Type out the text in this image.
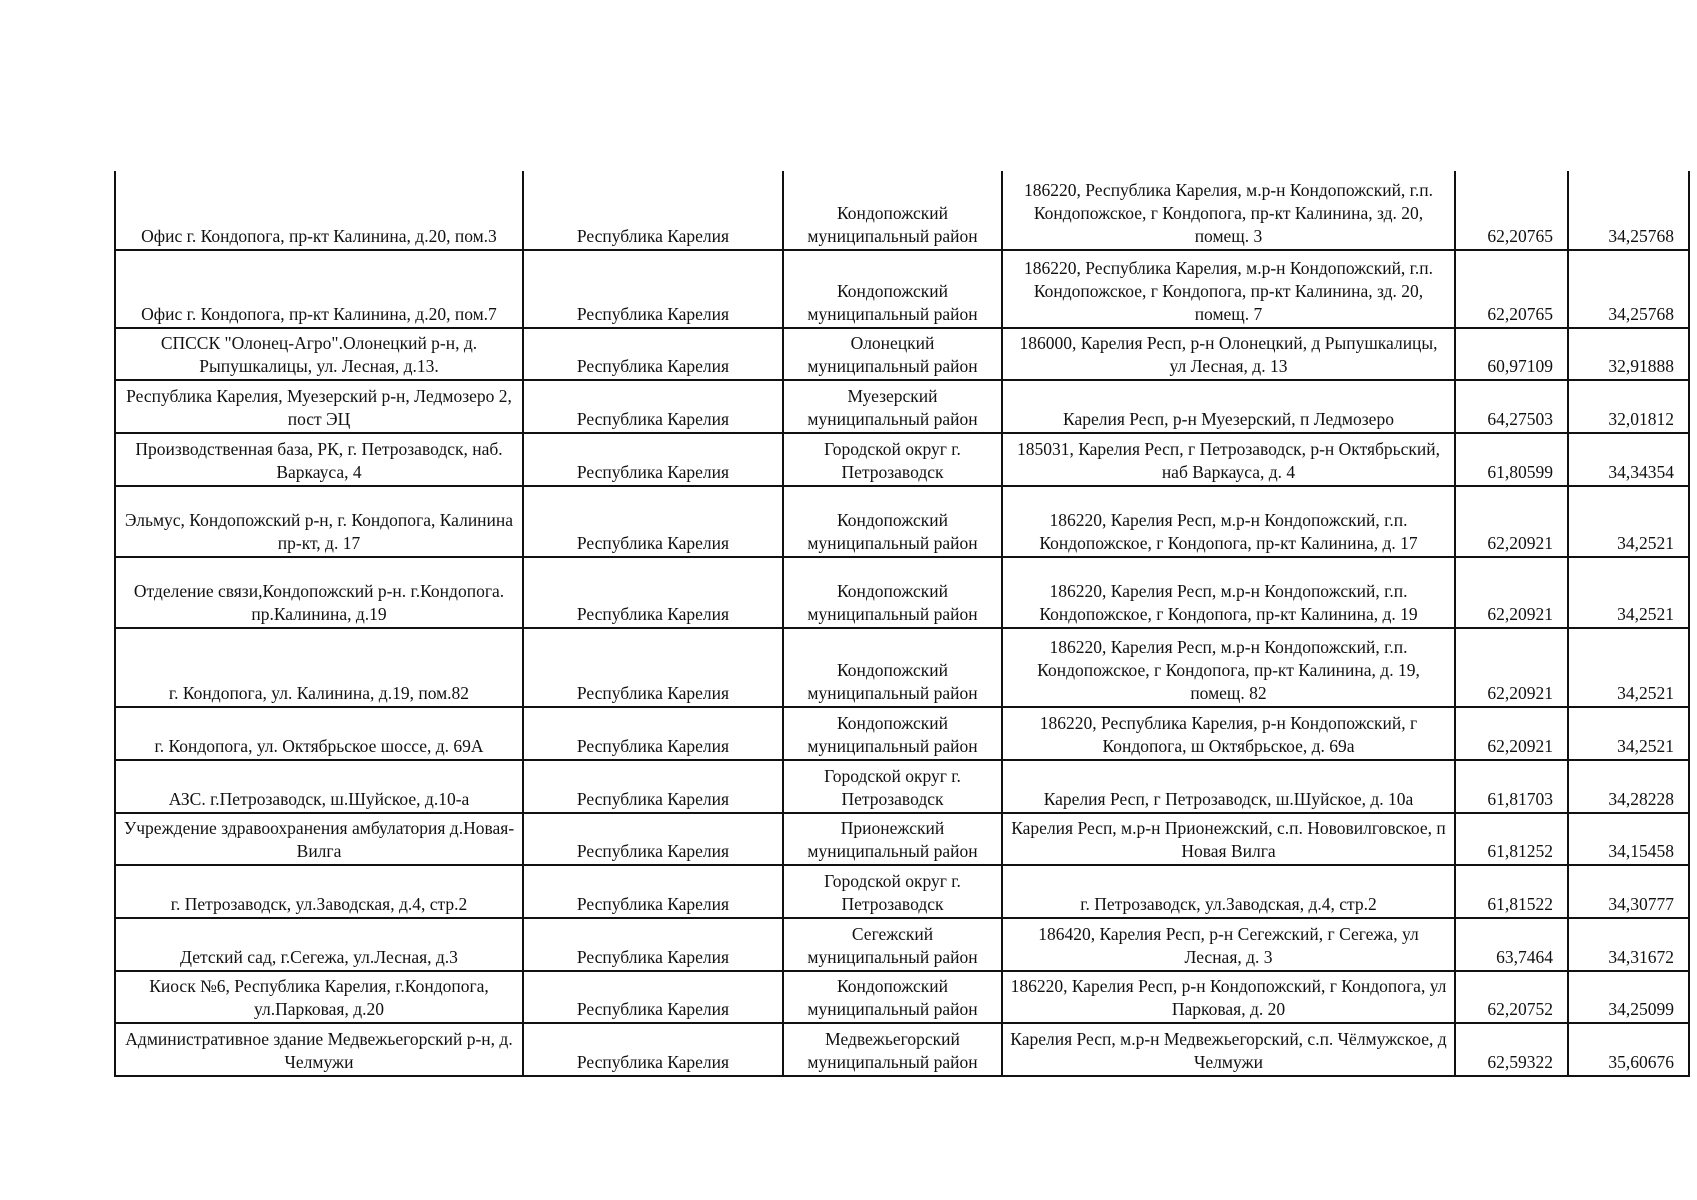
Офис г. Кондопога, пр-кт Калинина, д.20, пом.3	Республика Карелия	Кондопожский муниципальный район	186220, Республика Карелия, м.р-н Кондопожский, г.п. Кондопожское, г Кондопога, пр-кт Калинина, зд. 20, помещ. 3	62,20765	34,25768
Офис г. Кондопога, пр-кт Калинина, д.20, пом.7	Республика Карелия	Кондопожский муниципальный район	186220, Республика Карелия, м.р-н Кондопожский, г.п. Кондопожское, г Кондопога, пр-кт Калинина, зд. 20, помещ. 7	62,20765	34,25768
СПССК "Олонец-Агро".Олонецкий р-н, д. Рыпушкалицы, ул. Лесная, д.13.	Республика Карелия	Олонецкий муниципальный район	186000, Карелия Респ, р-н Олонецкий, д Рыпушкалицы, ул Лесная, д. 13	60,97109	32,91888
Республика Карелия, Муезерский р-н, Ледмозеро 2, пост ЭЦ	Республика Карелия	Муезерский муниципальный район	Карелия Респ, р-н Муезерский, п Ледмозеро	64,27503	32,01812
Производственная база, РК, г. Петрозаводск, наб. Варкауса, 4	Республика Карелия	Городской округ г. Петрозаводск	185031, Карелия Респ, г Петрозаводск, р-н Октябрьский, наб Варкауса, д. 4	61,80599	34,34354
Эльмус, Кондопожский р-н, г. Кондопога, Калинина пр-кт, д. 17	Республика Карелия	Кондопожский муниципальный район	186220, Карелия Респ, м.р-н Кондопожский, г.п. Кондопожское, г Кондопога, пр-кт Калинина, д. 17	62,20921	34,2521
Отделение связи,Кондопожский р-н. г.Кондопога. пр.Калинина, д.19	Республика Карелия	Кондопожский муниципальный район	186220, Карелия Респ, м.р-н Кондопожский, г.п. Кондопожское, г Кондопога, пр-кт Калинина, д. 19	62,20921	34,2521
г. Кондопога, ул. Калинина, д.19, пом.82	Республика Карелия	Кондопожский муниципальный район	186220, Карелия Респ, м.р-н Кондопожский, г.п. Кондопожское, г Кондопога, пр-кт Калинина, д. 19, помещ. 82	62,20921	34,2521
г. Кондопога, ул. Октябрьское шоссе, д. 69А	Республика Карелия	Кондопожский муниципальный район	186220, Республика Карелия, р-н Кондопожский, г Кондопога, ш Октябрьское, д. 69а	62,20921	34,2521
АЗС. г.Петрозаводск, ш.Шуйское, д.10-а	Республика Карелия	Городской округ г. Петрозаводск	Карелия Респ, г Петрозаводск, ш.Шуйское, д. 10а	61,81703	34,28228
Учреждение здравоохранения амбулатория д.Новая-Вилга	Республика Карелия	Прионежский муниципальный район	Карелия Респ, м.р-н Прионежский, с.п. Нововилговское, п Новая Вилга	61,81252	34,15458
г. Петрозаводск, ул.Заводская, д.4, стр.2	Республика Карелия	Городской округ г. Петрозаводск	г. Петрозаводск, ул.Заводская, д.4, стр.2	61,81522	34,30777
Детский сад, г.Сегежа, ул.Лесная, д.3	Республика Карелия	Сегежский муниципальный район	186420, Карелия Респ, р-н Сегежский, г Сегежа, ул Лесная, д. 3	63,7464	34,31672
Киоск №6, Республика Карелия, г.Кондопога, ул.Парковая, д.20	Республика Карелия	Кондопожский муниципальный район	186220, Карелия Респ, р-н Кондопожский, г Кондопога, ул Парковая, д. 20	62,20752	34,25099
Административное здание Медвежьегорский р-н, д. Челмужи	Республика Карелия	Медвежьегорский муниципальный район	Карелия Респ, м.р-н Медвежьегорский, с.п. Чёлмужское, д Челмужи	62,59322	35,60676
